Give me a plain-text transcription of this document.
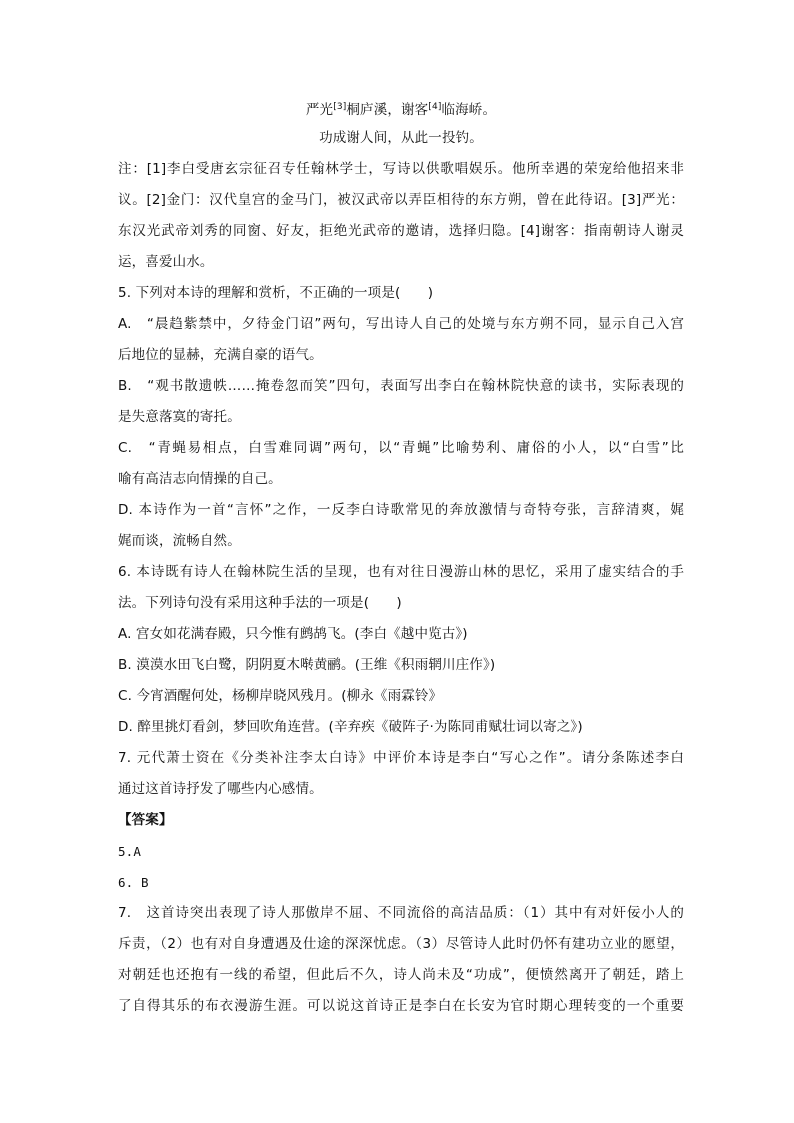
严光[3]桐庐溪，谢客[4]临海峤。
功成谢人间，从此一投钓。
注：[1]李白受唐玄宗征召专任翰林学士，写诗以供歌唱娱乐。他所幸遇的荣宠给他招来非
议。[2]金门：汉代皇宫的金马门，被汉武帝以弄臣相待的东方朔，曾在此待诏。[3]严光：
东汉光武帝刘秀的同窗、好友，拒绝光武帝的邀请，选择归隐。[4]谢客：指南朝诗人谢灵
运，喜爱山水。
5. 下列对本诗的理解和赏析，不正确的一项是(　　)
A.　“晨趋紫禁中，夕待金门诏”两句，写出诗人自己的处境与东方朔不同，显示自己入宫
后地位的显赫，充满自豪的语气。
B.　“观书散遗帙……掩卷忽而笑”四句，表面写出李白在翰林院快意的读书，实际表现的
是失意落寞的寄托。
C.　“青蝇易相点，白雪难同调”两句，以“青蝇”比喻势利、庸俗的小人，以“白雪”比
喻有高洁志向情操的自己。
D. 本诗作为一首“言怀”之作，一反李白诗歌常见的奔放激情与奇特夸张，言辞清爽，娓
娓而谈，流畅自然。
6. 本诗既有诗人在翰林院生活的呈现，也有对往日漫游山林的思忆，采用了虚实结合的手
法。下列诗句没有采用这种手法的一项是(　　)
A. 宫女如花满春殿，只今惟有鹧鸪飞。(李白《越中览古》)
B. 漠漠水田飞白鹭，阴阴夏木啭黄鹂。(王维《积雨辋川庄作》)
C. 今宵酒醒何处，杨柳岸晓风残月。(柳永《雨霖铃》
D. 醉里挑灯看剑，梦回吹角连营。(辛弃疾《破阵子·为陈同甫赋壮词以寄之》)
7. 元代萧士资在《分类补注李太白诗》中评价本诗是李白“写心之作”。请分条陈述李白
通过这首诗抒发了哪些内心感情。
【答案】
5.A
6. B
7.　这首诗突出表现了诗人那傲岸不屈、不同流俗的高洁品质：（1）其中有对奸佞小人的
斥责，（2）也有对自身遭遇及仕途的深深忧虑。（3）尽管诗人此时仍怀有建功立业的愿望，
对朝廷也还抱有一线的希望，但此后不久，诗人尚未及“功成”，便愤然离开了朝廷，踏上
了自得其乐的布衣漫游生涯。可以说这首诗正是李白在长安为官时期心理转变的一个重要
